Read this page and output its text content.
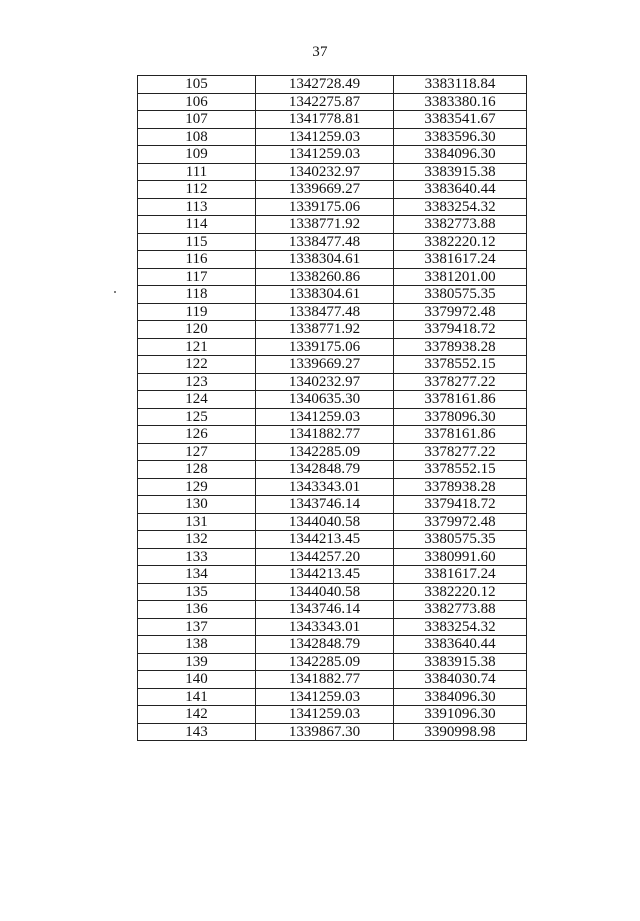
37
105	1342728.49	3383118.84
106	1342275.87	3383380.16
107	1341778.81	3383541.67
108	1341259.03	3383596.30
109	1341259.03	3384096.30
111	1340232.97	3383915.38
112	1339669.27	3383640.44
113	1339175.06	3383254.32
114	1338771.92	3382773.88
115	1338477.48	3382220.12
116	1338304.61	3381617.24
117	1338260.86	3381201.00
118	1338304.61	3380575.35
119	1338477.48	3379972.48
120	1338771.92	3379418.72
121	1339175.06	3378938.28
122	1339669.27	3378552.15
123	1340232.97	3378277.22
124	1340635.30	3378161.86
125	1341259.03	3378096.30
126	1341882.77	3378161.86
127	1342285.09	3378277.22
128	1342848.79	3378552.15
129	1343343.01	3378938.28
130	1343746.14	3379418.72
131	1344040.58	3379972.48
132	1344213.45	3380575.35
133	1344257.20	3380991.60
134	1344213.45	3381617.24
135	1344040.58	3382220.12
136	1343746.14	3382773.88
137	1343343.01	3383254.32
138	1342848.79	3383640.44
139	1342285.09	3383915.38
140	1341882.77	3384030.74
141	1341259.03	3384096.30
142	1341259.03	3391096.30
143	1339867.30	3390998.98
